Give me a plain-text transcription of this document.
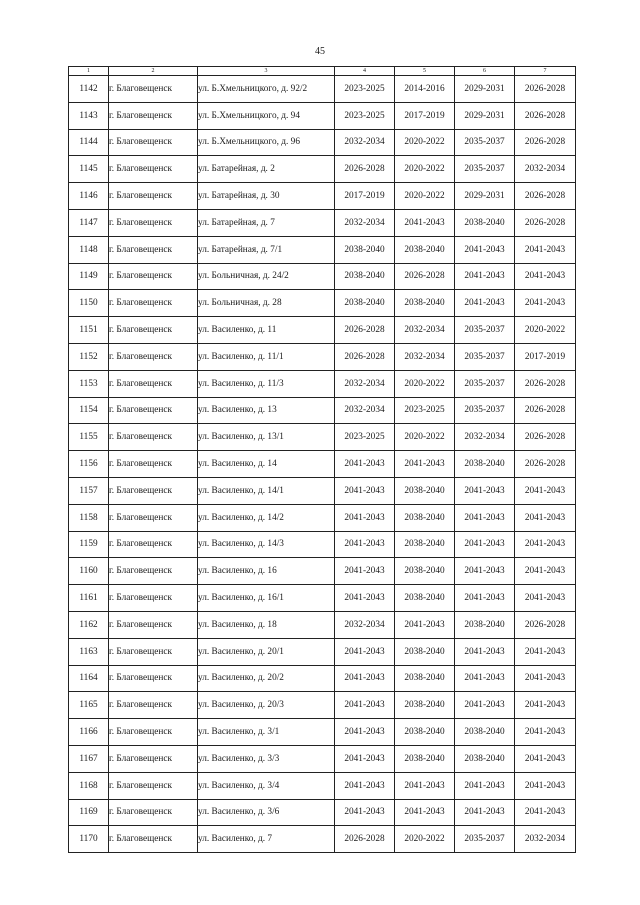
45
1	2	3	4	5	6	7
1142	г. Благовещенск	ул. Б.Хмельницкого, д. 92/2	2023-2025	2014-2016	2029-2031	2026-2028
1143	г. Благовещенск	ул. Б.Хмельницкого, д. 94	2023-2025	2017-2019	2029-2031	2026-2028
1144	г. Благовещенск	ул. Б.Хмельницкого, д. 96	2032-2034	2020-2022	2035-2037	2026-2028
1145	г. Благовещенск	ул. Батарейная, д. 2	2026-2028	2020-2022	2035-2037	2032-2034
1146	г. Благовещенск	ул. Батарейная, д. 30	2017-2019	2020-2022	2029-2031	2026-2028
1147	г. Благовещенск	ул. Батарейная, д. 7	2032-2034	2041-2043	2038-2040	2026-2028
1148	г. Благовещенск	ул. Батарейная, д. 7/1	2038-2040	2038-2040	2041-2043	2041-2043
1149	г. Благовещенск	ул. Больничная, д. 24/2	2038-2040	2026-2028	2041-2043	2041-2043
1150	г. Благовещенск	ул. Больничная, д. 28	2038-2040	2038-2040	2041-2043	2041-2043
1151	г. Благовещенск	ул. Василенко, д. 11	2026-2028	2032-2034	2035-2037	2020-2022
1152	г. Благовещенск	ул. Василенко, д. 11/1	2026-2028	2032-2034	2035-2037	2017-2019
1153	г. Благовещенск	ул. Василенко, д. 11/3	2032-2034	2020-2022	2035-2037	2026-2028
1154	г. Благовещенск	ул. Василенко, д. 13	2032-2034	2023-2025	2035-2037	2026-2028
1155	г. Благовещенск	ул. Василенко, д. 13/1	2023-2025	2020-2022	2032-2034	2026-2028
1156	г. Благовещенск	ул. Василенко, д. 14	2041-2043	2041-2043	2038-2040	2026-2028
1157	г. Благовещенск	ул. Василенко, д. 14/1	2041-2043	2038-2040	2041-2043	2041-2043
1158	г. Благовещенск	ул. Василенко, д. 14/2	2041-2043	2038-2040	2041-2043	2041-2043
1159	г. Благовещенск	ул. Василенко, д. 14/3	2041-2043	2038-2040	2041-2043	2041-2043
1160	г. Благовещенск	ул. Василенко, д. 16	2041-2043	2038-2040	2041-2043	2041-2043
1161	г. Благовещенск	ул. Василенко, д. 16/1	2041-2043	2038-2040	2041-2043	2041-2043
1162	г. Благовещенск	ул. Василенко, д. 18	2032-2034	2041-2043	2038-2040	2026-2028
1163	г. Благовещенск	ул. Василенко, д. 20/1	2041-2043	2038-2040	2041-2043	2041-2043
1164	г. Благовещенск	ул. Василенко, д. 20/2	2041-2043	2038-2040	2041-2043	2041-2043
1165	г. Благовещенск	ул. Василенко, д. 20/3	2041-2043	2038-2040	2041-2043	2041-2043
1166	г. Благовещенск	ул. Василенко, д. 3/1	2041-2043	2038-2040	2038-2040	2041-2043
1167	г. Благовещенск	ул. Василенко, д. 3/3	2041-2043	2038-2040	2038-2040	2041-2043
1168	г. Благовещенск	ул. Василенко, д. 3/4	2041-2043	2041-2043	2041-2043	2041-2043
1169	г. Благовещенск	ул. Василенко, д. 3/6	2041-2043	2041-2043	2041-2043	2041-2043
1170	г. Благовещенск	ул. Василенко, д. 7	2026-2028	2020-2022	2035-2037	2032-2034
